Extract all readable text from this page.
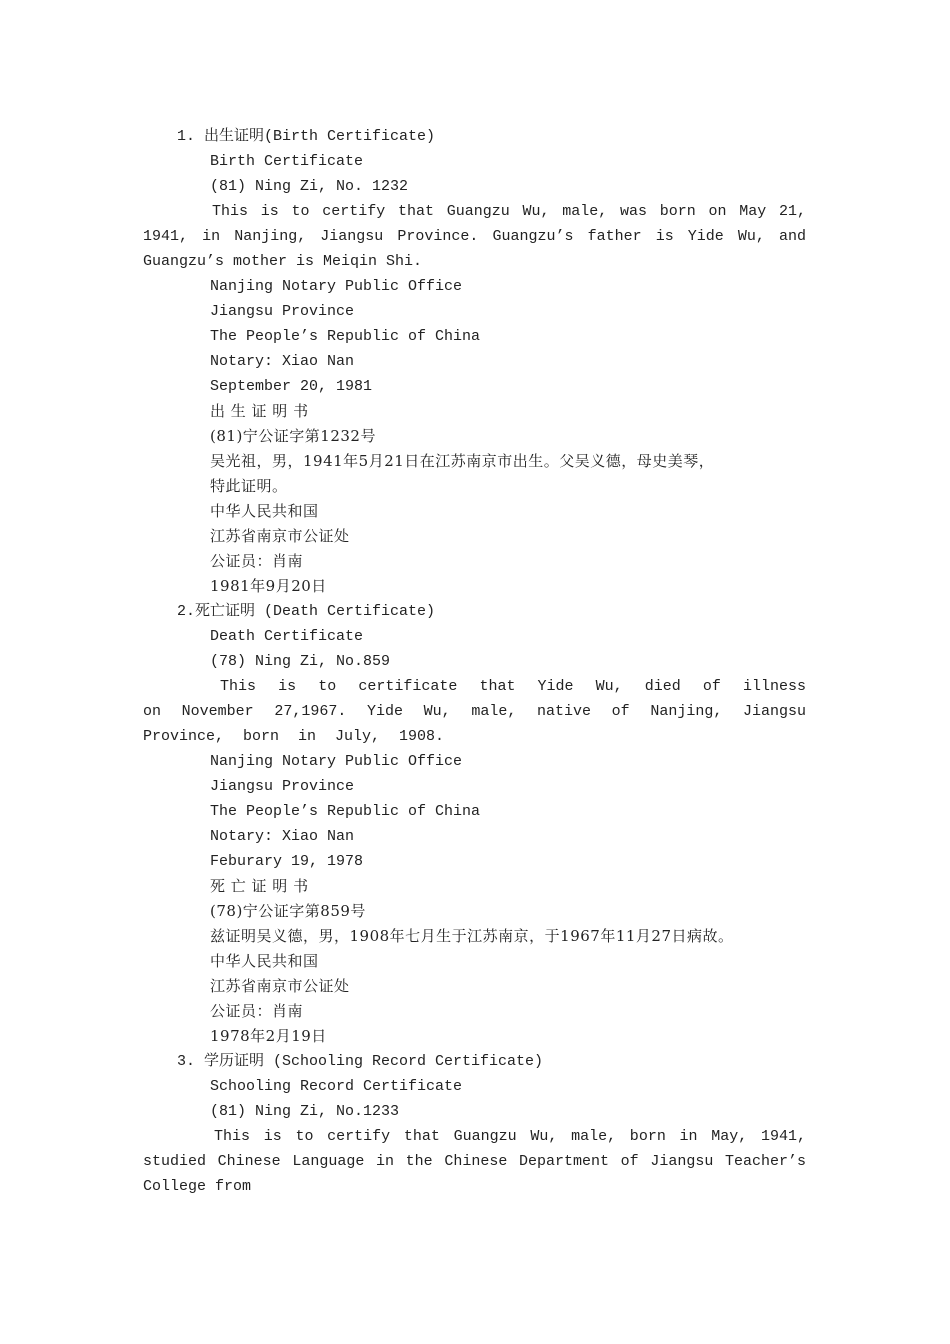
1. 出生证明(Birth Certificate)
Birth Certificate
(81) Ning Zi, No. 1232
This is to certify that Guangzu Wu, male, was born on May 21, 1941, in Nanjing, Jiangsu Province. Guangzu’s father is Yide Wu, and Guangzu’s mother is Meiqin Shi.
Nanjing Notary Public Office
Jiangsu Province
The People’s Republic of China
Notary: Xiao Nan
September 20, 1981
出 生 证 明 书
(81)宁公证字第1232号
吴光祖，男，1941年5月21日在江苏南京市出生。父吴义德，母史美琴，
特此证明。
中华人民共和国
江苏省南京市公证处
公证员：肖南
1981年9月20日
2.死亡证明 (Death Certificate)
Death Certificate
(78) Ning Zi, No.859
This is to certificate that Yide Wu, died of illness on November 27,1967. Yide Wu, male, native of Nanjing, Jiangsu Province, born in July, 1908.
Nanjing Notary Public Office
Jiangsu Province
The People’s Republic of China
Notary: Xiao Nan
Feburary 19, 1978
死 亡 证 明 书
(78)宁公证字第859号
兹证明吴义德，男，1908年七月生于江苏南京，于1967年11月27日病故。
中华人民共和国
江苏省南京市公证处
公证员：肖南
1978年2月19日
3. 学历证明 (Schooling Record Certificate)
Schooling Record Certificate
(81) Ning Zi, No.1233
This is to certify that Guangzu Wu, male, born in May, 1941, studied Chinese Language in the Chinese Department of Jiangsu Teacher’s College from
